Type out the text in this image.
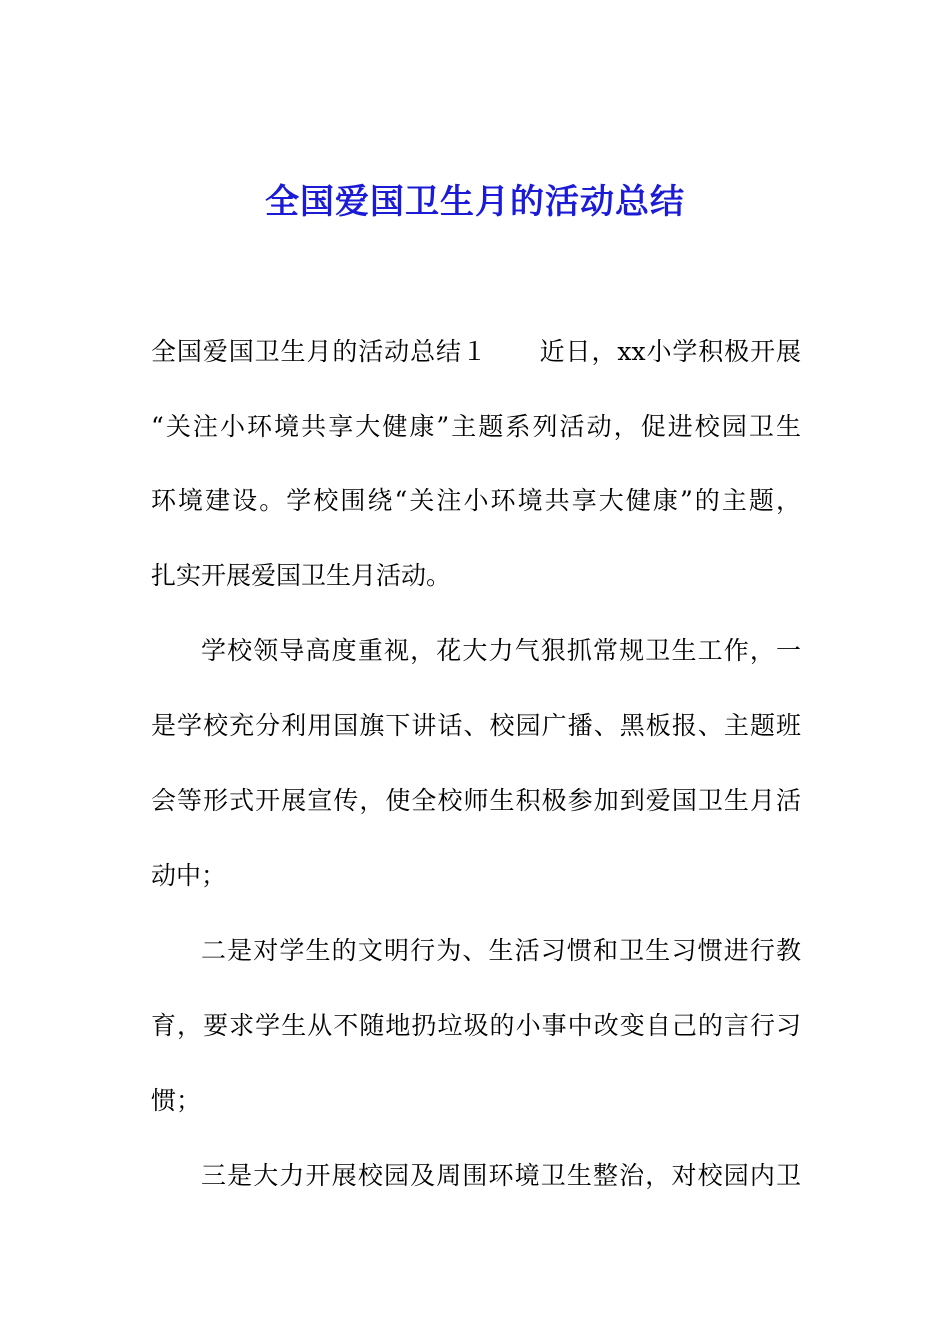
全国爱国卫生月的活动总结
全国爱国卫生月的活动总结１　　近日，xx小学积极开展
“关注小环境共享大健康”主题系列活动，促进校园卫生
环境建设。学校围绕“关注小环境共享大健康”的主题，
扎实开展爱国卫生月活动。
学校领导高度重视，花大力气狠抓常规卫生工作，一
是学校充分利用国旗下讲话、校园广播、黑板报、主题班
会等形式开展宣传，使全校师生积极参加到爱国卫生月活
动中；
二是对学生的文明行为、生活习惯和卫生习惯进行教
育，要求学生从不随地扔垃圾的小事中改变自己的言行习
惯；
三是大力开展校园及周围环境卫生整治，对校园内卫
